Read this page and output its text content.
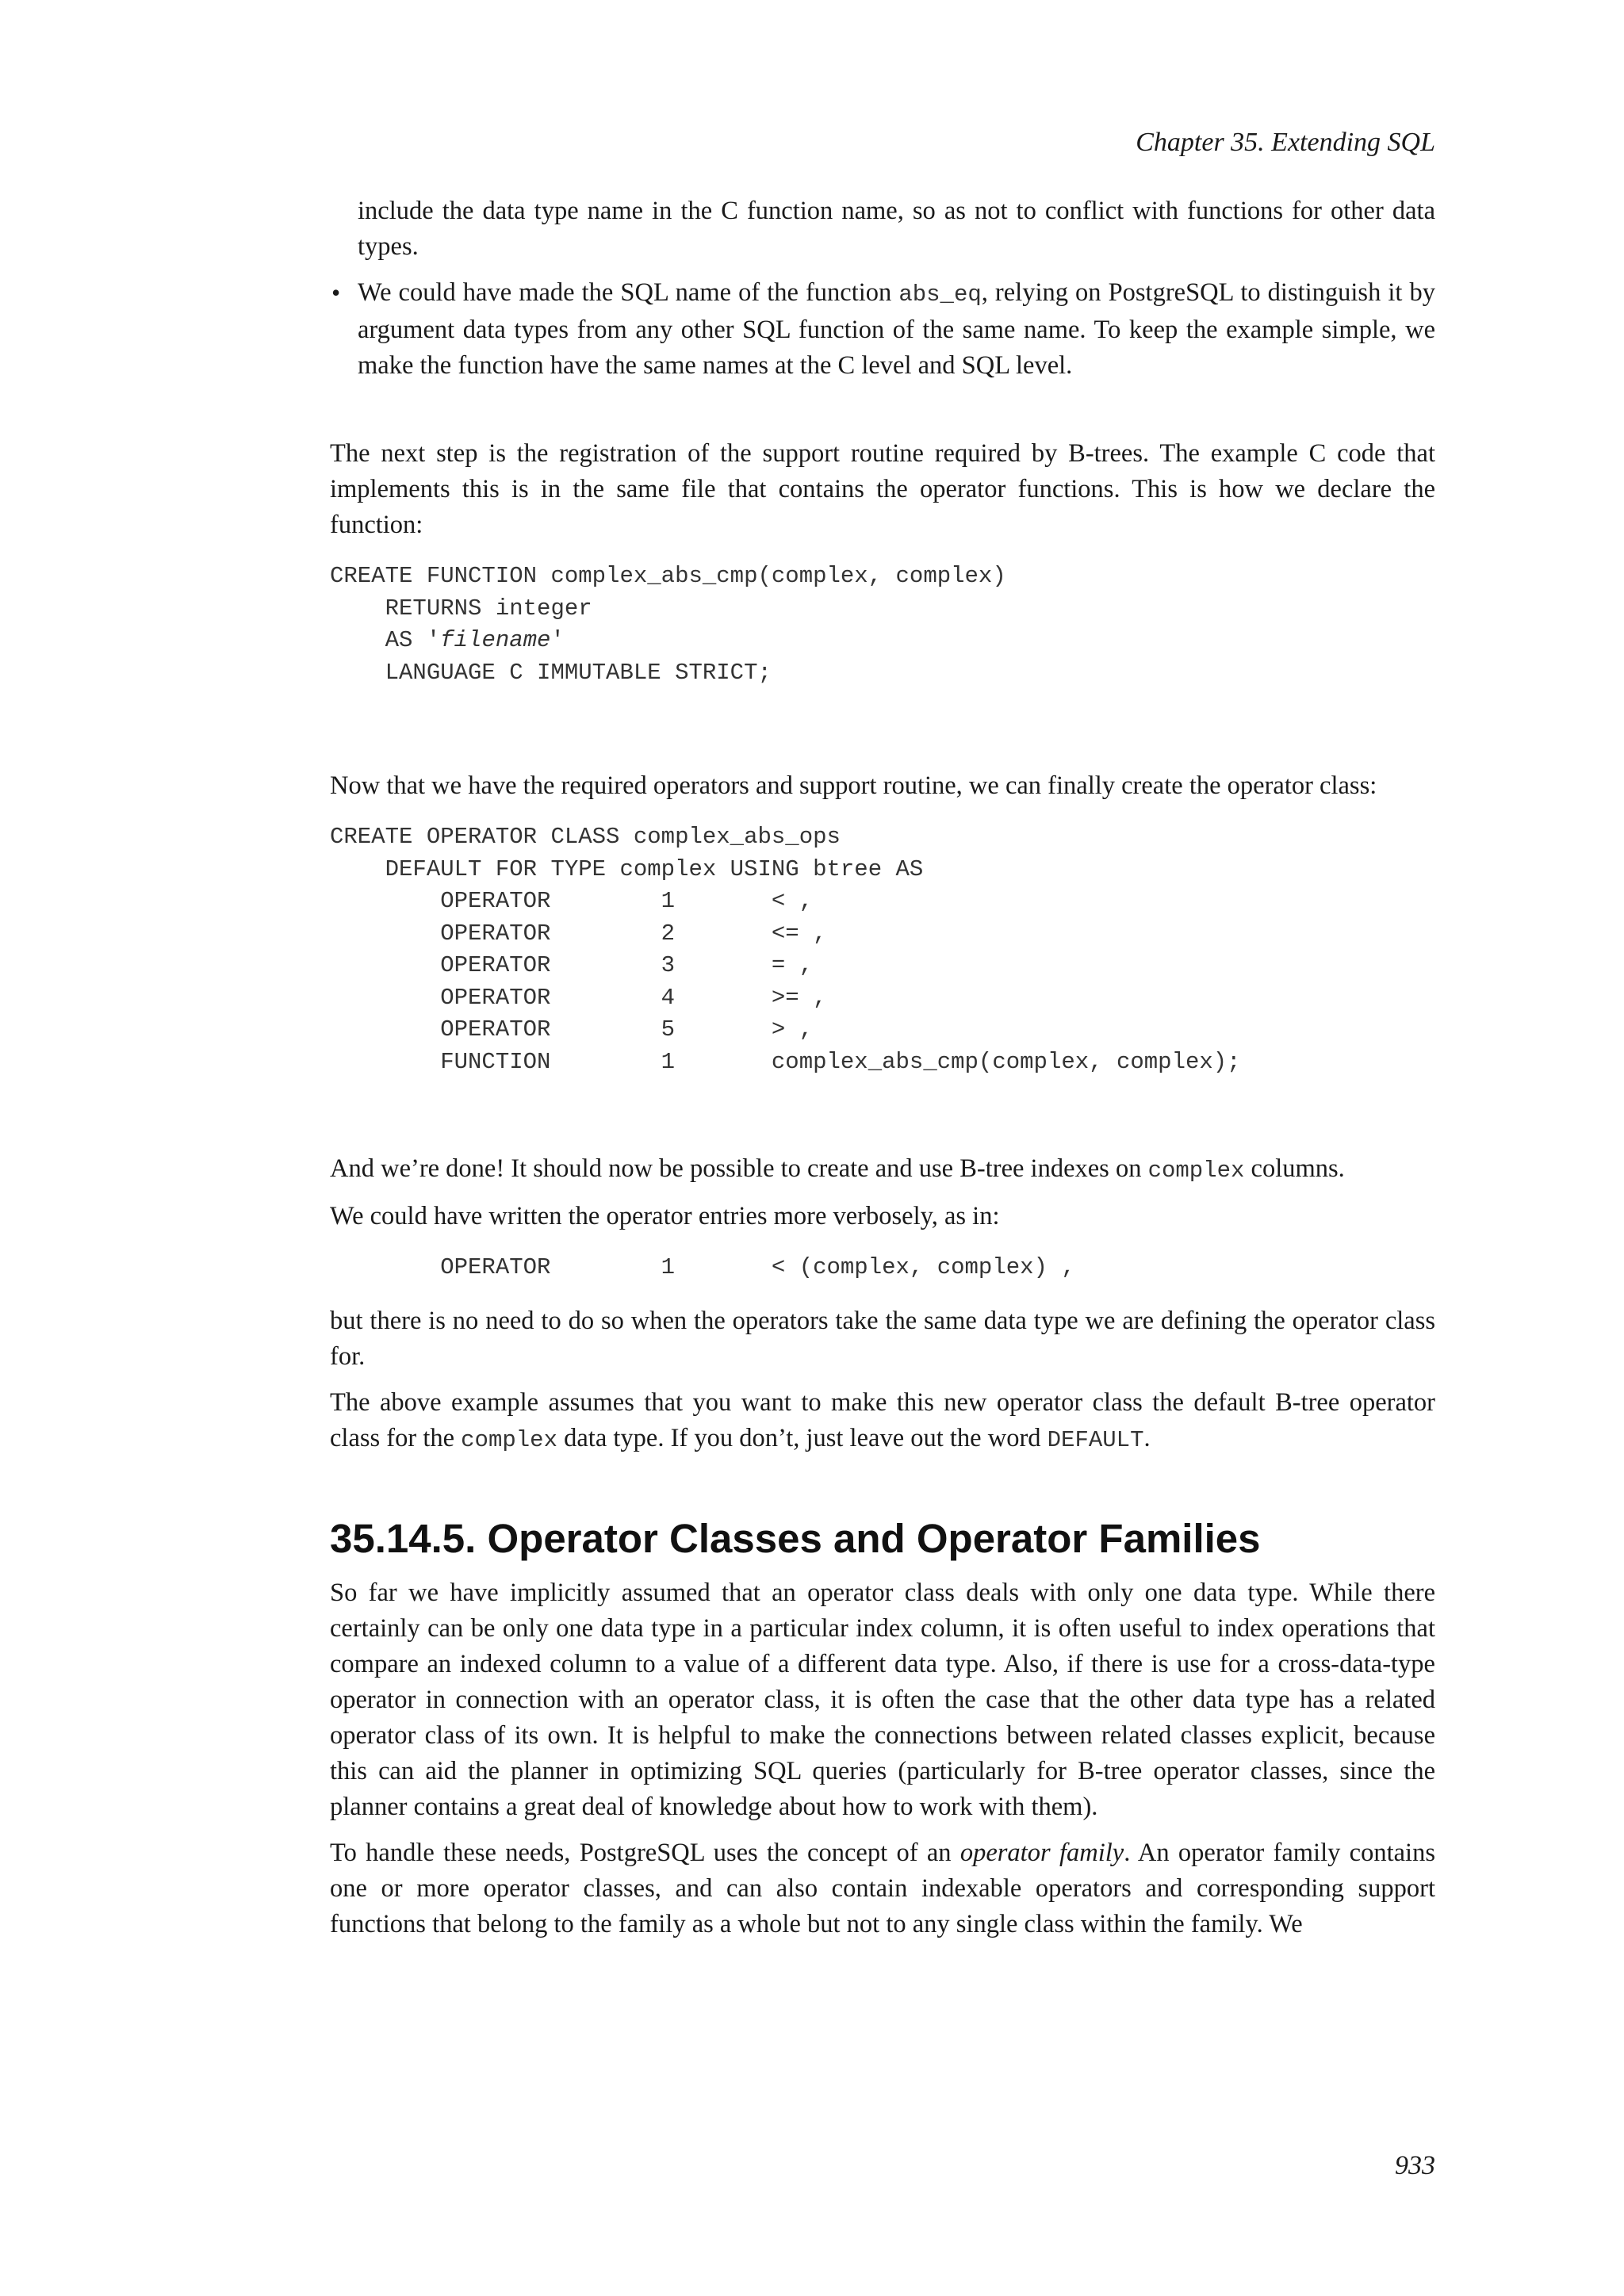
Chapter 35. Extending SQL

include the data type name in the C function name, so as not to conflict with functions for other data types.

• We could have made the SQL name of the function abs_eq, relying on PostgreSQL to distinguish it by argument data types from any other SQL function of the same name. To keep the example simple, we make the function have the same names at the C level and SQL level.

The next step is the registration of the support routine required by B-trees. The example C code that implements this is in the same file that contains the operator functions. This is how we declare the function:

CREATE FUNCTION complex_abs_cmp(complex, complex)
RETURNS integer
AS 'filename'
LANGUAGE C IMMUTABLE STRICT;

Now that we have the required operators and support routine, we can finally create the operator class:

CREATE OPERATOR CLASS complex_abs_ops
DEFAULT FOR TYPE complex USING btree AS
OPERATOR        1       < ,
OPERATOR        2       <= ,
OPERATOR        3       = ,
OPERATOR        4       >= ,
OPERATOR        5       > ,
FUNCTION        1       complex_abs_cmp(complex, complex);

And we’re done! It should now be possible to create and use B-tree indexes on complex columns.

We could have written the operator entries more verbosely, as in:

OPERATOR        1       < (complex, complex) ,

but there is no need to do so when the operators take the same data type we are defining the operator class for.

The above example assumes that you want to make this new operator class the default B-tree operator class for the complex data type. If you don’t, just leave out the word DEFAULT.

35.14.5. Operator Classes and Operator Families

So far we have implicitly assumed that an operator class deals with only one data type. While there certainly can be only one data type in a particular index column, it is often useful to index operations that compare an indexed column to a value of a different data type. Also, if there is use for a cross-data-type operator in connection with an operator class, it is often the case that the other data type has a related operator class of its own. It is helpful to make the connections between related classes explicit, because this can aid the planner in optimizing SQL queries (particularly for B-tree operator classes, since the planner contains a great deal of knowledge about how to work with them).

To handle these needs, PostgreSQL uses the concept of an operator family. An operator family contains one or more operator classes, and can also contain indexable operators and corresponding support functions that belong to the family as a whole but not to any single class within the family. We

933
